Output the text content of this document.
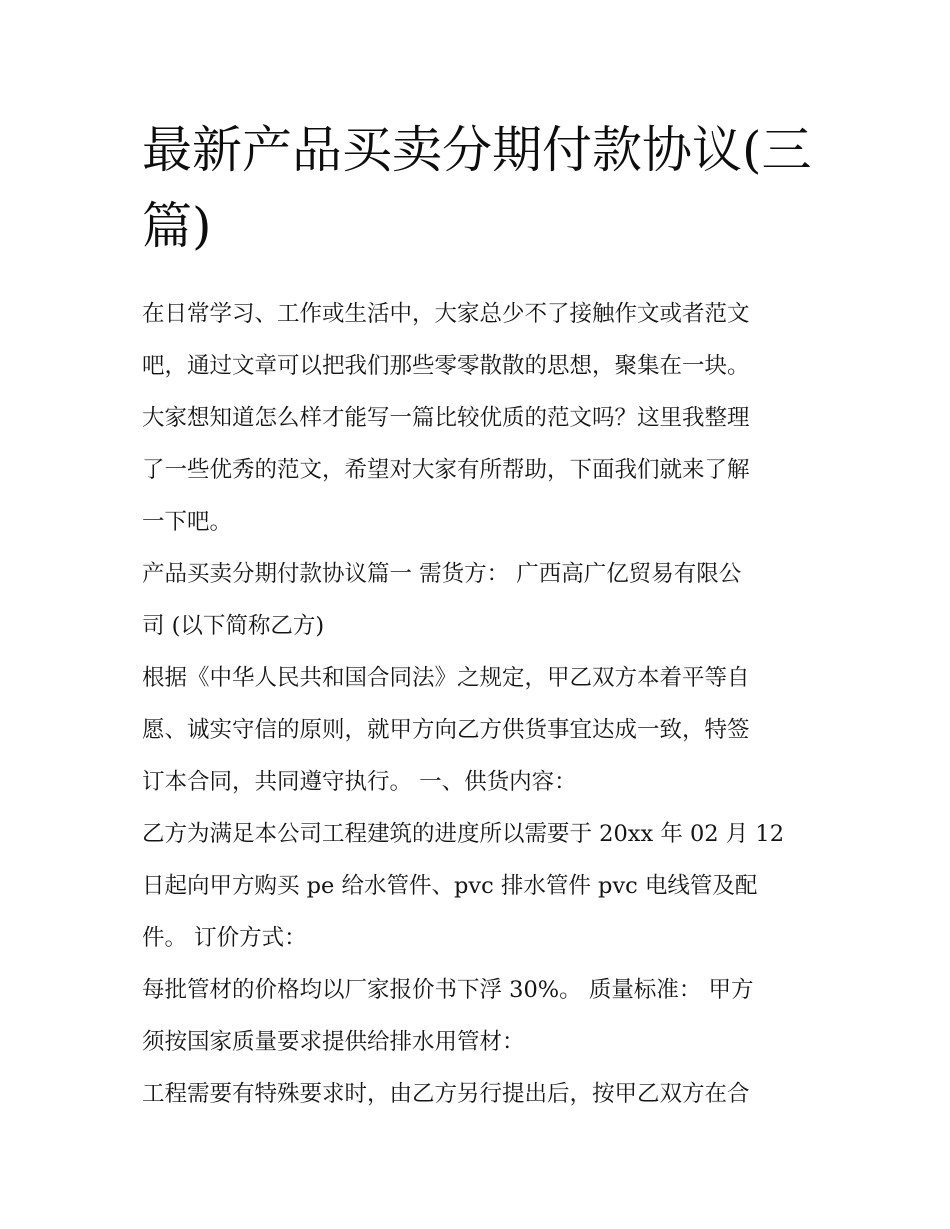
最新产品买卖分期付款协议(三
篇)

在日常学习、工作或生活中，大家总少不了接触作文或者范文
吧，通过文章可以把我们那些零零散散的思想，聚集在一块。
大家想知道怎么样才能写一篇比较优质的范文吗？这里我整理
了一些优秀的范文，希望对大家有所帮助，下面我们就来了解
一下吧。

产品买卖分期付款协议篇一 需货方： 广西高广亿贸易有限公
司 (以下简称乙方)

根据《中华人民共和国合同法》之规定，甲乙双方本着平等自
愿、诚实守信的原则，就甲方向乙方供货事宜达成一致，特签
订本合同，共同遵守执行。 一、供货内容：

乙方为满足本公司工程建筑的进度所以需要于 20xx 年 02 月 12
日起向甲方购买 pe 给水管件、pvc 排水管件 pvc 电线管及配
件。 订价方式：

每批管材的价格均以厂家报价书下浮 30%。 质量标准： 甲方
须按国家质量要求提供给排水用管材：

工程需要有特殊要求时，由乙方另行提出后，按甲乙双方在合
